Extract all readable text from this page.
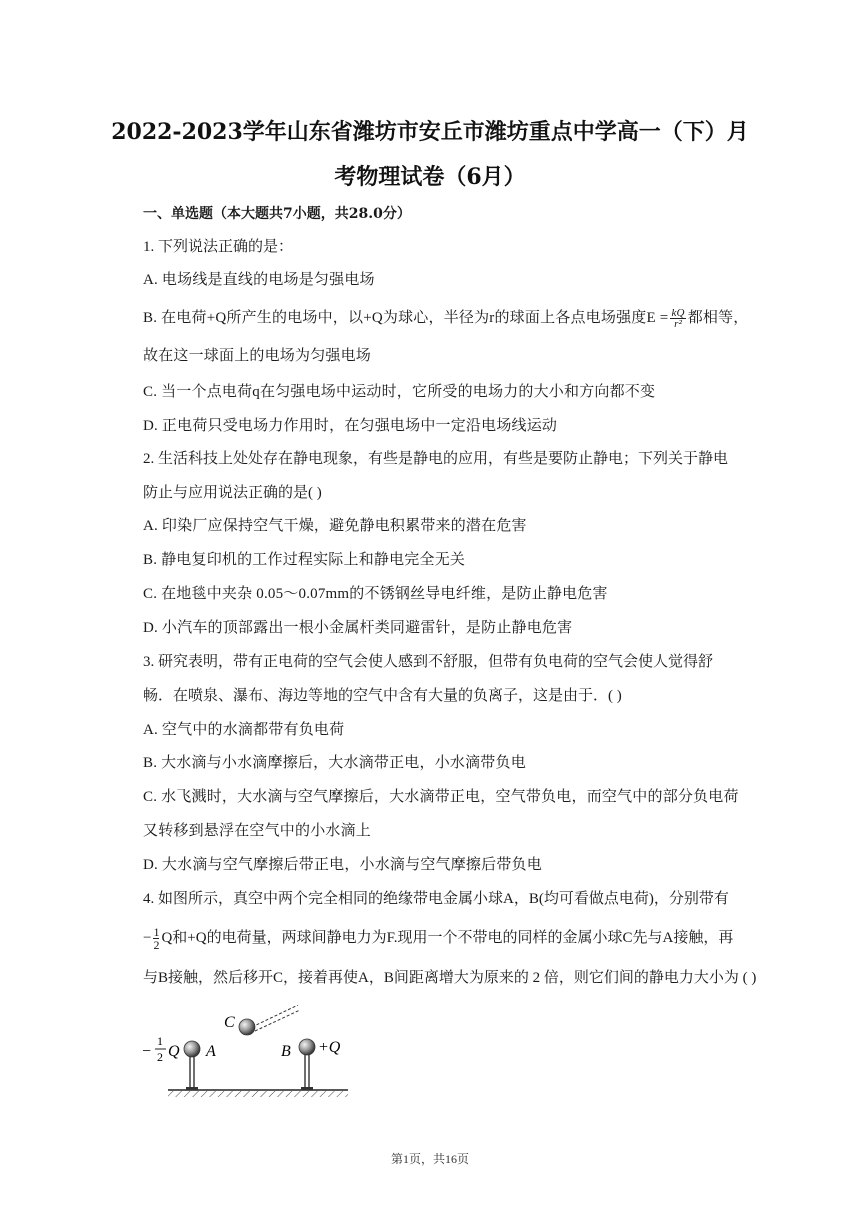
2022-2023学年山东省潍坊市安丘市潍坊重点中学高一（下）月
考物理试卷（6月）
一、单选题（本大题共7小题，共28.0分）
1. 下列说法正确的是：
A. 电场线是直线的电场是匀强电场
B. 在电荷+Q所产生的电场中，以+Q为球心，半径为r的球面上各点电场强度$E = \frac{kQ}{\text{r²}}$ 都相等，
故在这一球面上的电场为匀强电场
C. 当一个点电荷q在匀强电场中运动时，它所受的电场力的大小和方向都不变
D. 正电荷只受电场力作用时，在匀强电场中一定沿电场线运动
2. 生活科技上处处存在静电现象，有些是静电的应用，有些是要防止静电；下列关于静电
防止与应用说法正确的是( )
A. 印染厂应保持空气干燥，避免静电积累带来的潜在危害
B. 静电复印机的工作过程实际上和静电完全无关
C. 在地毯中夹杂 0.05～0.07mm的不锈钢丝导电纤维，是防止静电危害
D. 小汽车的顶部露出一根小金属杆类同避雷针，是防止静电危害
3. 研究表明，带有正电荷的空气会使人感到不舒服，但带有负电荷的空气会使人觉得舒
畅．在喷泉、瀑布、海边等地的空气中含有大量的负离子，这是由于．( )
A. 空气中的水滴都带有负电荷
B. 大水滴与小水滴摩擦后，大水滴带正电，小水滴带负电
C. 水飞溅时，大水滴与空气摩擦后，大水滴带正电，空气带负电，而空气中的部分负电荷
又转移到悬浮在空气中的小水滴上
D. 大水滴与空气摩擦后带正电，小水滴与空气摩擦后带负电
4. 如图所示，真空中两个完全相同的绝缘带电金属小球A，B(均可看做点电荷)，分别带有
− $\frac{1}{2}$ Q和+Q的电荷量，两球间静电力为F.现用一个不带电的同样的金属小球C先与A接触，再
与B接触，然后移开C，接着再使A，B间距离增大为原来的 2 倍，则它们间的静电力大小为 ( )
C
A	B
−
1
2 Q	+Q
第1页，共16页
